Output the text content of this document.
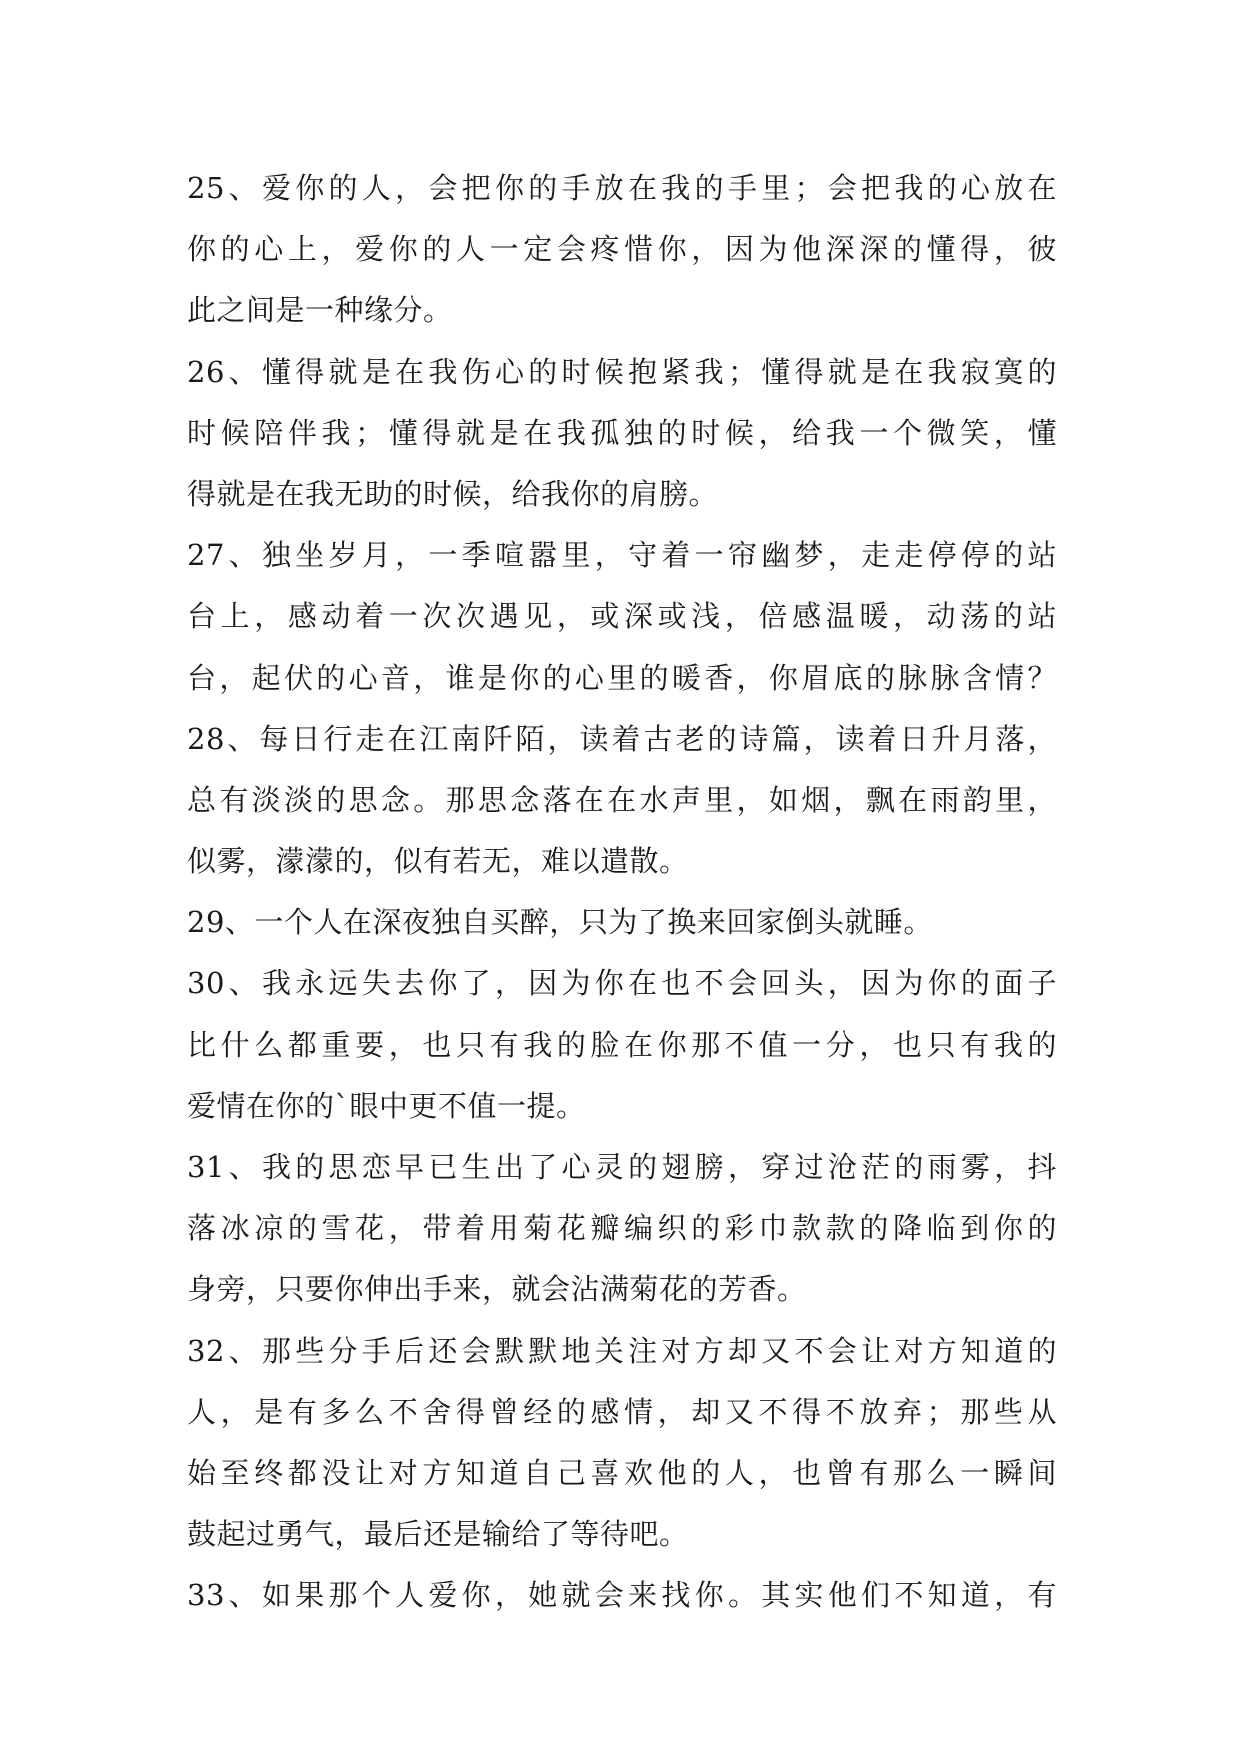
25、爱你的人，会把你的手放在我的手里；会把我的心放在
你的心上，爱你的人一定会疼惜你，因为他深深的懂得，彼
此之间是一种缘分。
26、懂得就是在我伤心的时候抱紧我；懂得就是在我寂寞的
时候陪伴我；懂得就是在我孤独的时候，给我一个微笑，懂
得就是在我无助的时候，给我你的肩膀。
27、独坐岁月，一季喧嚣里，守着一帘幽梦，走走停停的站
台上，感动着一次次遇见，或深或浅，倍感温暖，动荡的站
台，起伏的心音，谁是你的心里的暖香，你眉底的脉脉含情？
28、每日行走在江南阡陌，读着古老的诗篇，读着日升月落，
总有淡淡的思念。那思念落在在水声里，如烟，飘在雨韵里，
似雾，濛濛的，似有若无，难以遣散。
29、一个人在深夜独自买醉，只为了换来回家倒头就睡。
30、我永远失去你了，因为你在也不会回头，因为你的面子
比什么都重要，也只有我的脸在你那不值一分，也只有我的
爱情在你的`眼中更不值一提。
31、我的思恋早已生出了心灵的翅膀，穿过沧茫的雨雾，抖
落冰凉的雪花，带着用菊花瓣编织的彩巾款款的降临到你的
身旁，只要你伸出手来，就会沾满菊花的芳香。
32、那些分手后还会默默地关注对方却又不会让对方知道的
人，是有多么不舍得曾经的感情，却又不得不放弃；那些从
始至终都没让对方知道自己喜欢他的人，也曾有那么一瞬间
鼓起过勇气，最后还是输给了等待吧。
33、如果那个人爱你，她就会来找你。其实他们不知道，有
